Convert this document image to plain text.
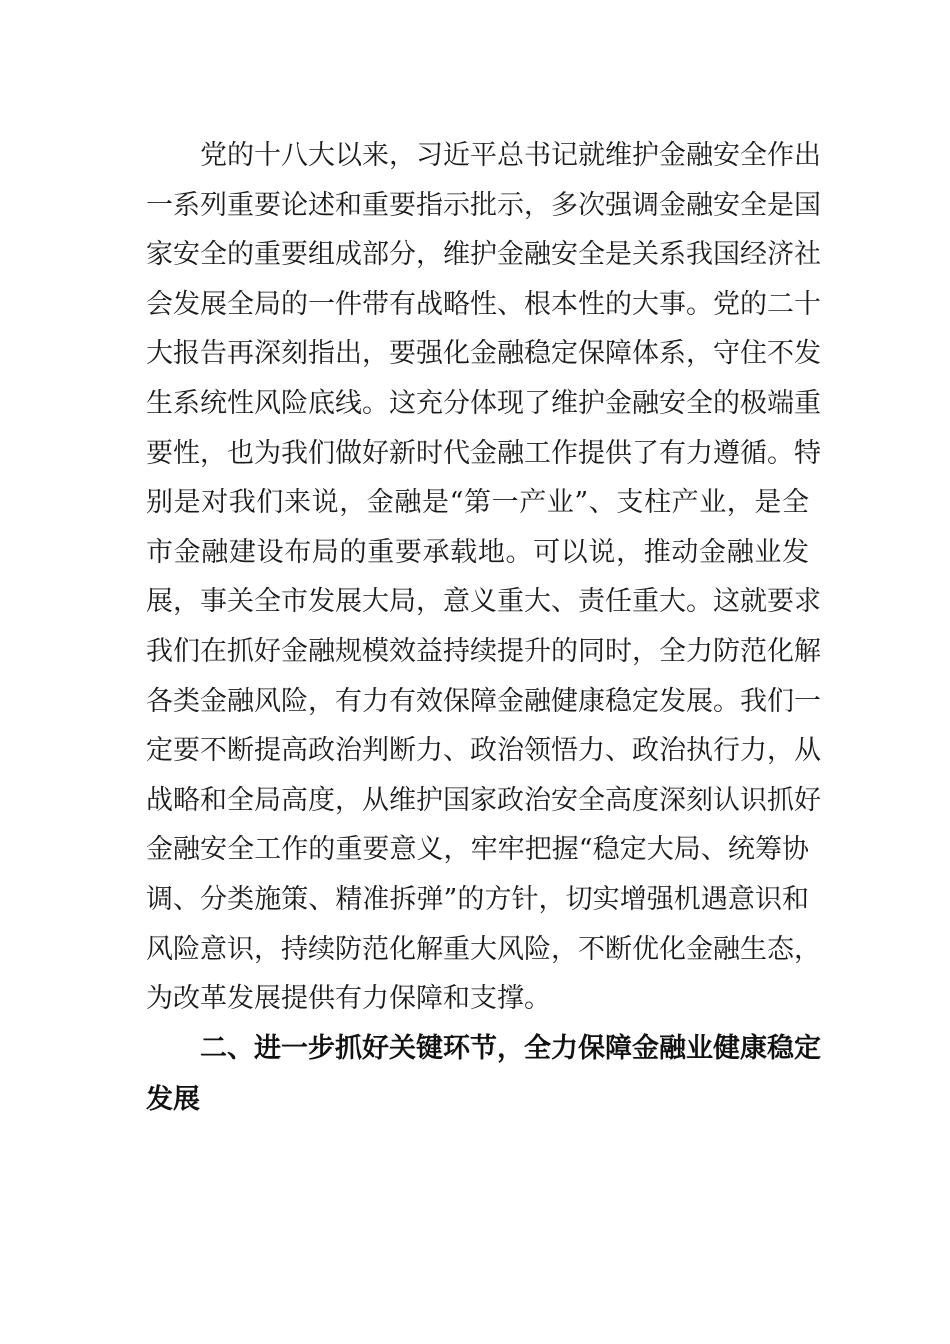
　　党的十八大以来，习近平总书记就维护金融安全作出
一系列重要论述和重要指示批示，多次强调金融安全是国
家安全的重要组成部分，维护金融安全是关系我国经济社
会发展全局的一件带有战略性、根本性的大事。党的二十
大报告再深刻指出，要强化金融稳定保障体系，守住不发
生系统性风险底线。这充分体现了维护金融安全的极端重
要性，也为我们做好新时代金融工作提供了有力遵循。特
别是对我们来说，金融是“第一产业”、支柱产业，是全
市金融建设布局的重要承载地。可以说，推动金融业发
展，事关全市发展大局，意义重大、责任重大。这就要求
我们在抓好金融规模效益持续提升的同时，全力防范化解
各类金融风险，有力有效保障金融健康稳定发展。我们一
定要不断提高政治判断力、政治领悟力、政治执行力，从
战略和全局高度，从维护国家政治安全高度深刻认识抓好
金融安全工作的重要意义，牢牢把握“稳定大局、统筹协
调、分类施策、精准拆弹”的方针，切实增强机遇意识和
风险意识，持续防范化解重大风险，不断优化金融生态，
为改革发展提供有力保障和支撑。
　　二、进一步抓好关键环节，全力保障金融业健康稳定
发展
